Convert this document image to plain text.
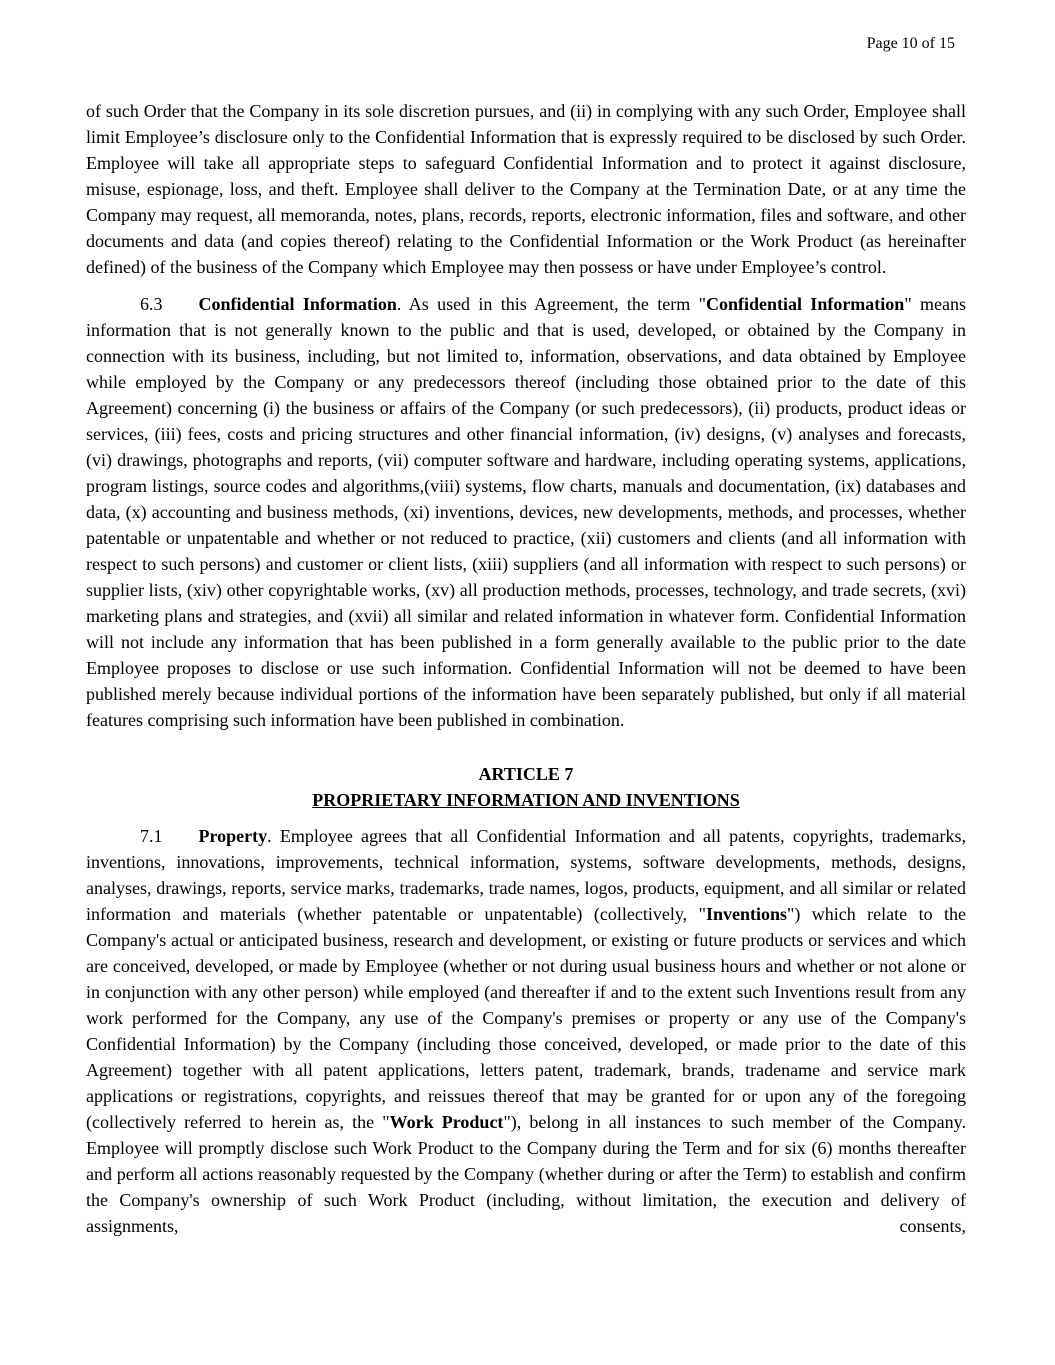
Page 10 of 15

of such Order that the Company in its sole discretion pursues, and (ii) in complying with any such Order, Employee shall limit Employee’s disclosure only to the Confidential Information that is expressly required to be disclosed by such Order. Employee will take all appropriate steps to safeguard Confidential Information and to protect it against disclosure, misuse, espionage, loss, and theft. Employee shall deliver to the Company at the Termination Date, or at any time the Company may request, all memoranda, notes, plans, records, reports, electronic information, files and software, and other documents and data (and copies thereof) relating to the Confidential Information or the Work Product (as hereinafter defined) of the business of the Company which Employee may then possess or have under Employee’s control.

6.3 Confidential Information. As used in this Agreement, the term "Confidential Information" means information that is not generally known to the public and that is used, developed, or obtained by the Company in connection with its business, including, but not limited to, information, observations, and data obtained by Employee while employed by the Company or any predecessors thereof (including those obtained prior to the date of this Agreement) concerning (i) the business or affairs of the Company (or such predecessors), (ii) products, product ideas or services, (iii) fees, costs and pricing structures and other financial information, (iv) designs, (v) analyses and forecasts, (vi) drawings, photographs and reports, (vii) computer software and hardware, including operating systems, applications, program listings, source codes and algorithms,(viii) systems, flow charts, manuals and documentation, (ix) databases and data, (x) accounting and business methods, (xi) inventions, devices, new developments, methods, and processes, whether patentable or unpatentable and whether or not reduced to practice, (xii) customers and clients (and all information with respect to such persons) and customer or client lists, (xiii) suppliers (and all information with respect to such persons) or supplier lists, (xiv) other copyrightable works, (xv) all production methods, processes, technology, and trade secrets, (xvi) marketing plans and strategies, and (xvii) all similar and related information in whatever form. Confidential Information will not include any information that has been published in a form generally available to the public prior to the date Employee proposes to disclose or use such information. Confidential Information will not be deemed to have been published merely because individual portions of the information have been separately published, but only if all material features comprising such information have been published in combination.

ARTICLE 7
PROPRIETARY INFORMATION AND INVENTIONS

7.1 Property. Employee agrees that all Confidential Information and all patents, copyrights, trademarks, inventions, innovations, improvements, technical information, systems, software developments, methods, designs, analyses, drawings, reports, service marks, trademarks, trade names, logos, products, equipment, and all similar or related information and materials (whether patentable or unpatentable) (collectively, "Inventions") which relate to the Company's actual or anticipated business, research and development, or existing or future products or services and which are conceived, developed, or made by Employee (whether or not during usual business hours and whether or not alone or in conjunction with any other person) while employed (and thereafter if and to the extent such Inventions result from any work performed for the Company, any use of the Company's premises or property or any use of the Company's Confidential Information) by the Company (including those conceived, developed, or made prior to the date of this Agreement) together with all patent applications, letters patent, trademark, brands, tradename and service mark applications or registrations, copyrights, and reissues thereof that may be granted for or upon any of the foregoing (collectively referred to herein as, the "Work Product"), belong in all instances to such member of the Company. Employee will promptly disclose such Work Product to the Company during the Term and for six (6) months thereafter and perform all actions reasonably requested by the Company (whether during or after the Term) to establish and confirm the Company's ownership of such Work Product (including, without limitation, the execution and delivery of assignments, consents,
